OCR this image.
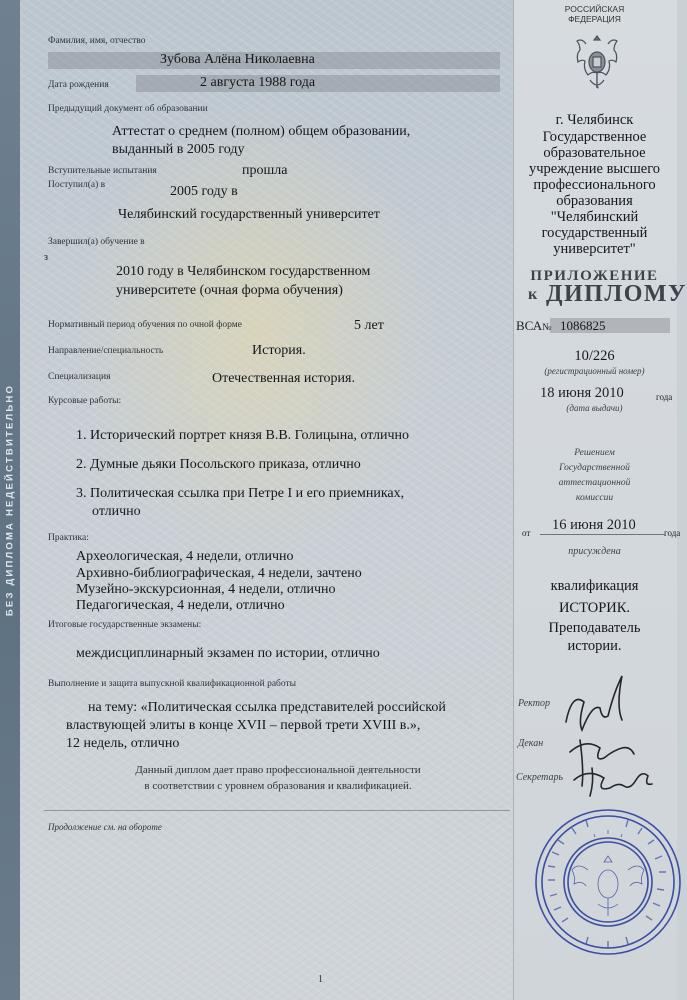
БЕЗ ДИПЛОМА НЕДЕЙСТВИТЕЛЬНО
Фамилия, имя, отчество
Зубова Алёна Николаевна
Дата рождения	2 августа 1988 года
Предыдущий документ об образовании
Аттестат о среднем (полном) общем образовании,
выданный в 2005 году
Вступительные испытания	прошла
Поступил(а) в	2005 году в
Челябинский государственный университет
Завершил(а) обучение в
з
2010 году в Челябинском государственном
университете (очная форма обучения)
Нормативный период обучения по очной форме	5 лет
Направление/специальность	История.
Специализация	Отечественная история.
Курсовые работы:
1. Исторический портрет князя В.В. Голицына, отлично
2. Думные дьяки Посольского приказа, отлично
3. Политическая ссылка при Петре I и его приемниках,
отлично
Практика:
Археологическая, 4 недели, отлично
Архивно-библиографическая, 4 недели, зачтено
Музейно-экскурсионная, 4 недели, отлично
Педагогическая, 4 недели, отлично
Итоговые государственные экзамены:
междисциплинарный экзамен по истории, отлично
Выполнение и защита выпускной квалификационной работы
на тему: «Политическая ссылка представителей российской
властвующей элиты в конце XVII – первой трети XVIII в.»,
12 недель, отлично
Данный диплом дает право профессиональной деятельности
в соответствии с уровнем образования и квалификацией.
Продолжение см. на обороте
1
РОССИЙСКАЯ
ФЕДЕРАЦИЯ
г. Челябинск
Государственное
образовательное
учреждение высшего
профессионального
образования
"Челябинский
государственный
университет"
ПРИЛОЖЕНИЕ
к ДИПЛОМУ
ВСА№ 1086825
10/226
(регистрационный номер)
18 июня 2010	года
(дата выдачи)
Решением
Государственной
аттестационной
комиссии
от 16 июня 2010	года
присуждена
квалификация
ИСТОРИК.
Преподаватель
истории.
Ректор
Декан
Секретарь
